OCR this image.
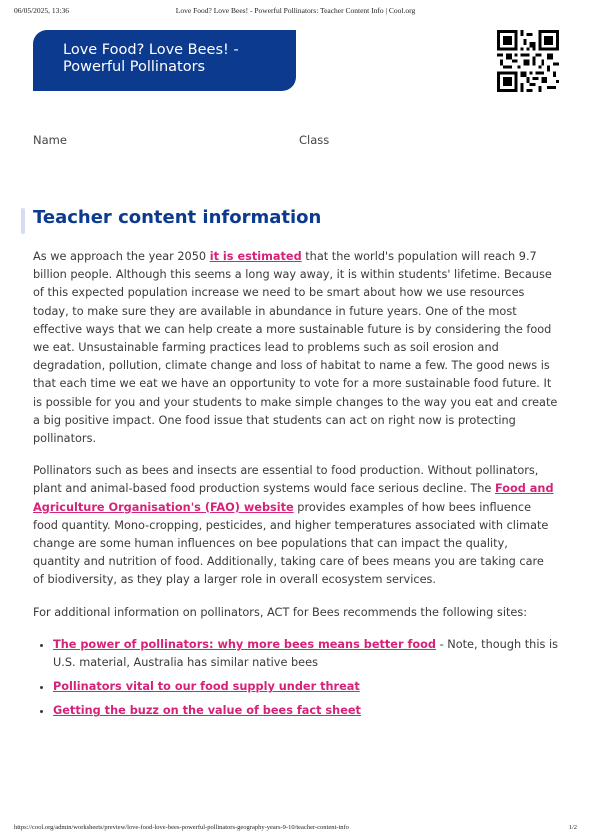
06/05/2025, 13:36	Love Food? Love Bees! - Powerful Pollinators: Teacher Content Info | Cool.org
Love Food? Love Bees! -
Powerful Pollinators
Name	Class
Teacher content information

As we approach the year 2050 it is estimated that the world's population will reach 9.7 billion people. Although this seems a long way away, it is within students' lifetime. Because of this expected population increase we need to be smart about how we use resources today, to make sure they are available in abundance in future years. One of the most effective ways that we can help create a more sustainable future is by considering the food we eat. Unsustainable farming practices lead to problems such as soil erosion and degradation, pollution, climate change and loss of habitat to name a few. The good news is that each time we eat we have an opportunity to vote for a more sustainable food future. It is possible for you and your students to make simple changes to the way you eat and create a big positive impact. One food issue that students can act on right now is protecting pollinators.

Pollinators such as bees and insects are essential to food production. Without pollinators, plant and animal-based food production systems would face serious decline. The Food and Agriculture Organisation's (FAO) website provides examples of how bees influence food quantity. Mono-cropping, pesticides, and higher temperatures associated with climate change are some human influences on bee populations that can impact the quality, quantity and nutrition of food. Additionally, taking care of bees means you are taking care of biodiversity, as they play a larger role in overall ecosystem services.

For additional information on pollinators, ACT for Bees recommends the following sites:

• The power of pollinators: why more bees means better food - Note, though this is U.S. material, Australia has similar native bees
• Pollinators vital to our food supply under threat
• Getting the buzz on the value of bees fact sheet
https://cool.org/admin/worksheets/preview/love-food-love-bees-powerful-pollinators-geography-years-9-10/teacher-content-info	1/2
